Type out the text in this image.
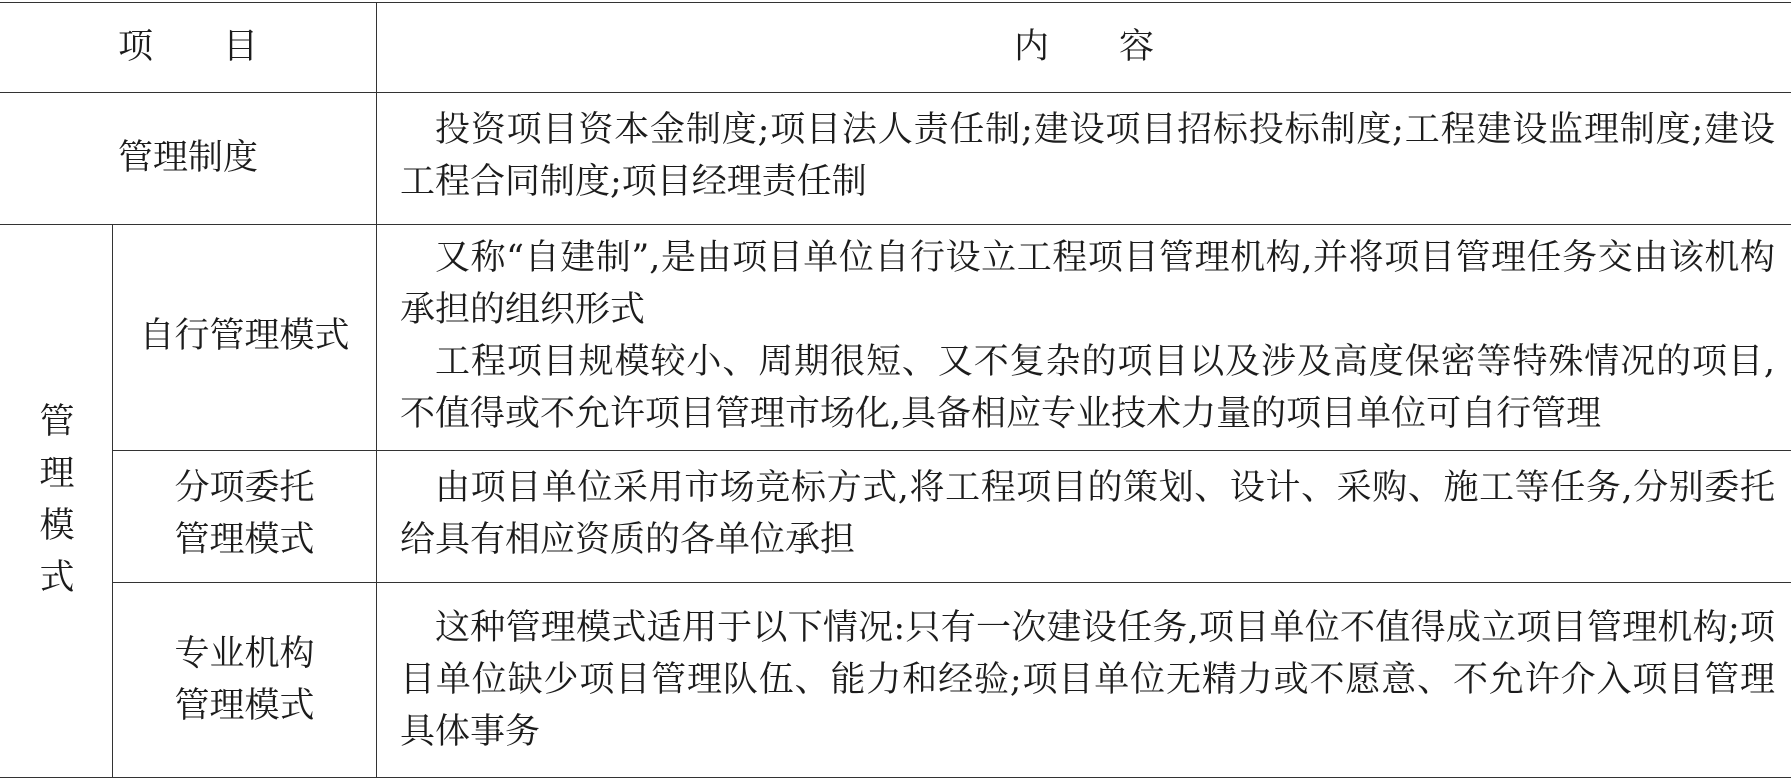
项　　目	内　　容
管理制度

投资项目资本金制度;项目法人责任制;建设项目招标投标制度;工程建设监理制度;建设工程合同制度;项目经理责任制

管
理
模
式
自行管理模式

又称“自建制”,是由项目单位自行设立工程项目管理机构,并将项目管理任务交由该机构承担的组织形式

工程项目规模较小、周期很短、又不复杂的项目以及涉及高度保密等特殊情况的项目,不值得或不允许项目管理市场化,具备相应专业技术力量的项目单位可自行管理

分项委托
管理模式

由项目单位采用市场竞标方式,将工程项目的策划、设计、采购、施工等任务,分别委托给具有相应资质的各单位承担

专业机构
管理模式

这种管理模式适用于以下情况:只有一次建设任务,项目单位不值得成立项目管理机构;项目单位缺少项目管理队伍、能力和经验;项目单位无精力或不愿意、不允许介入项目管理具体事务
